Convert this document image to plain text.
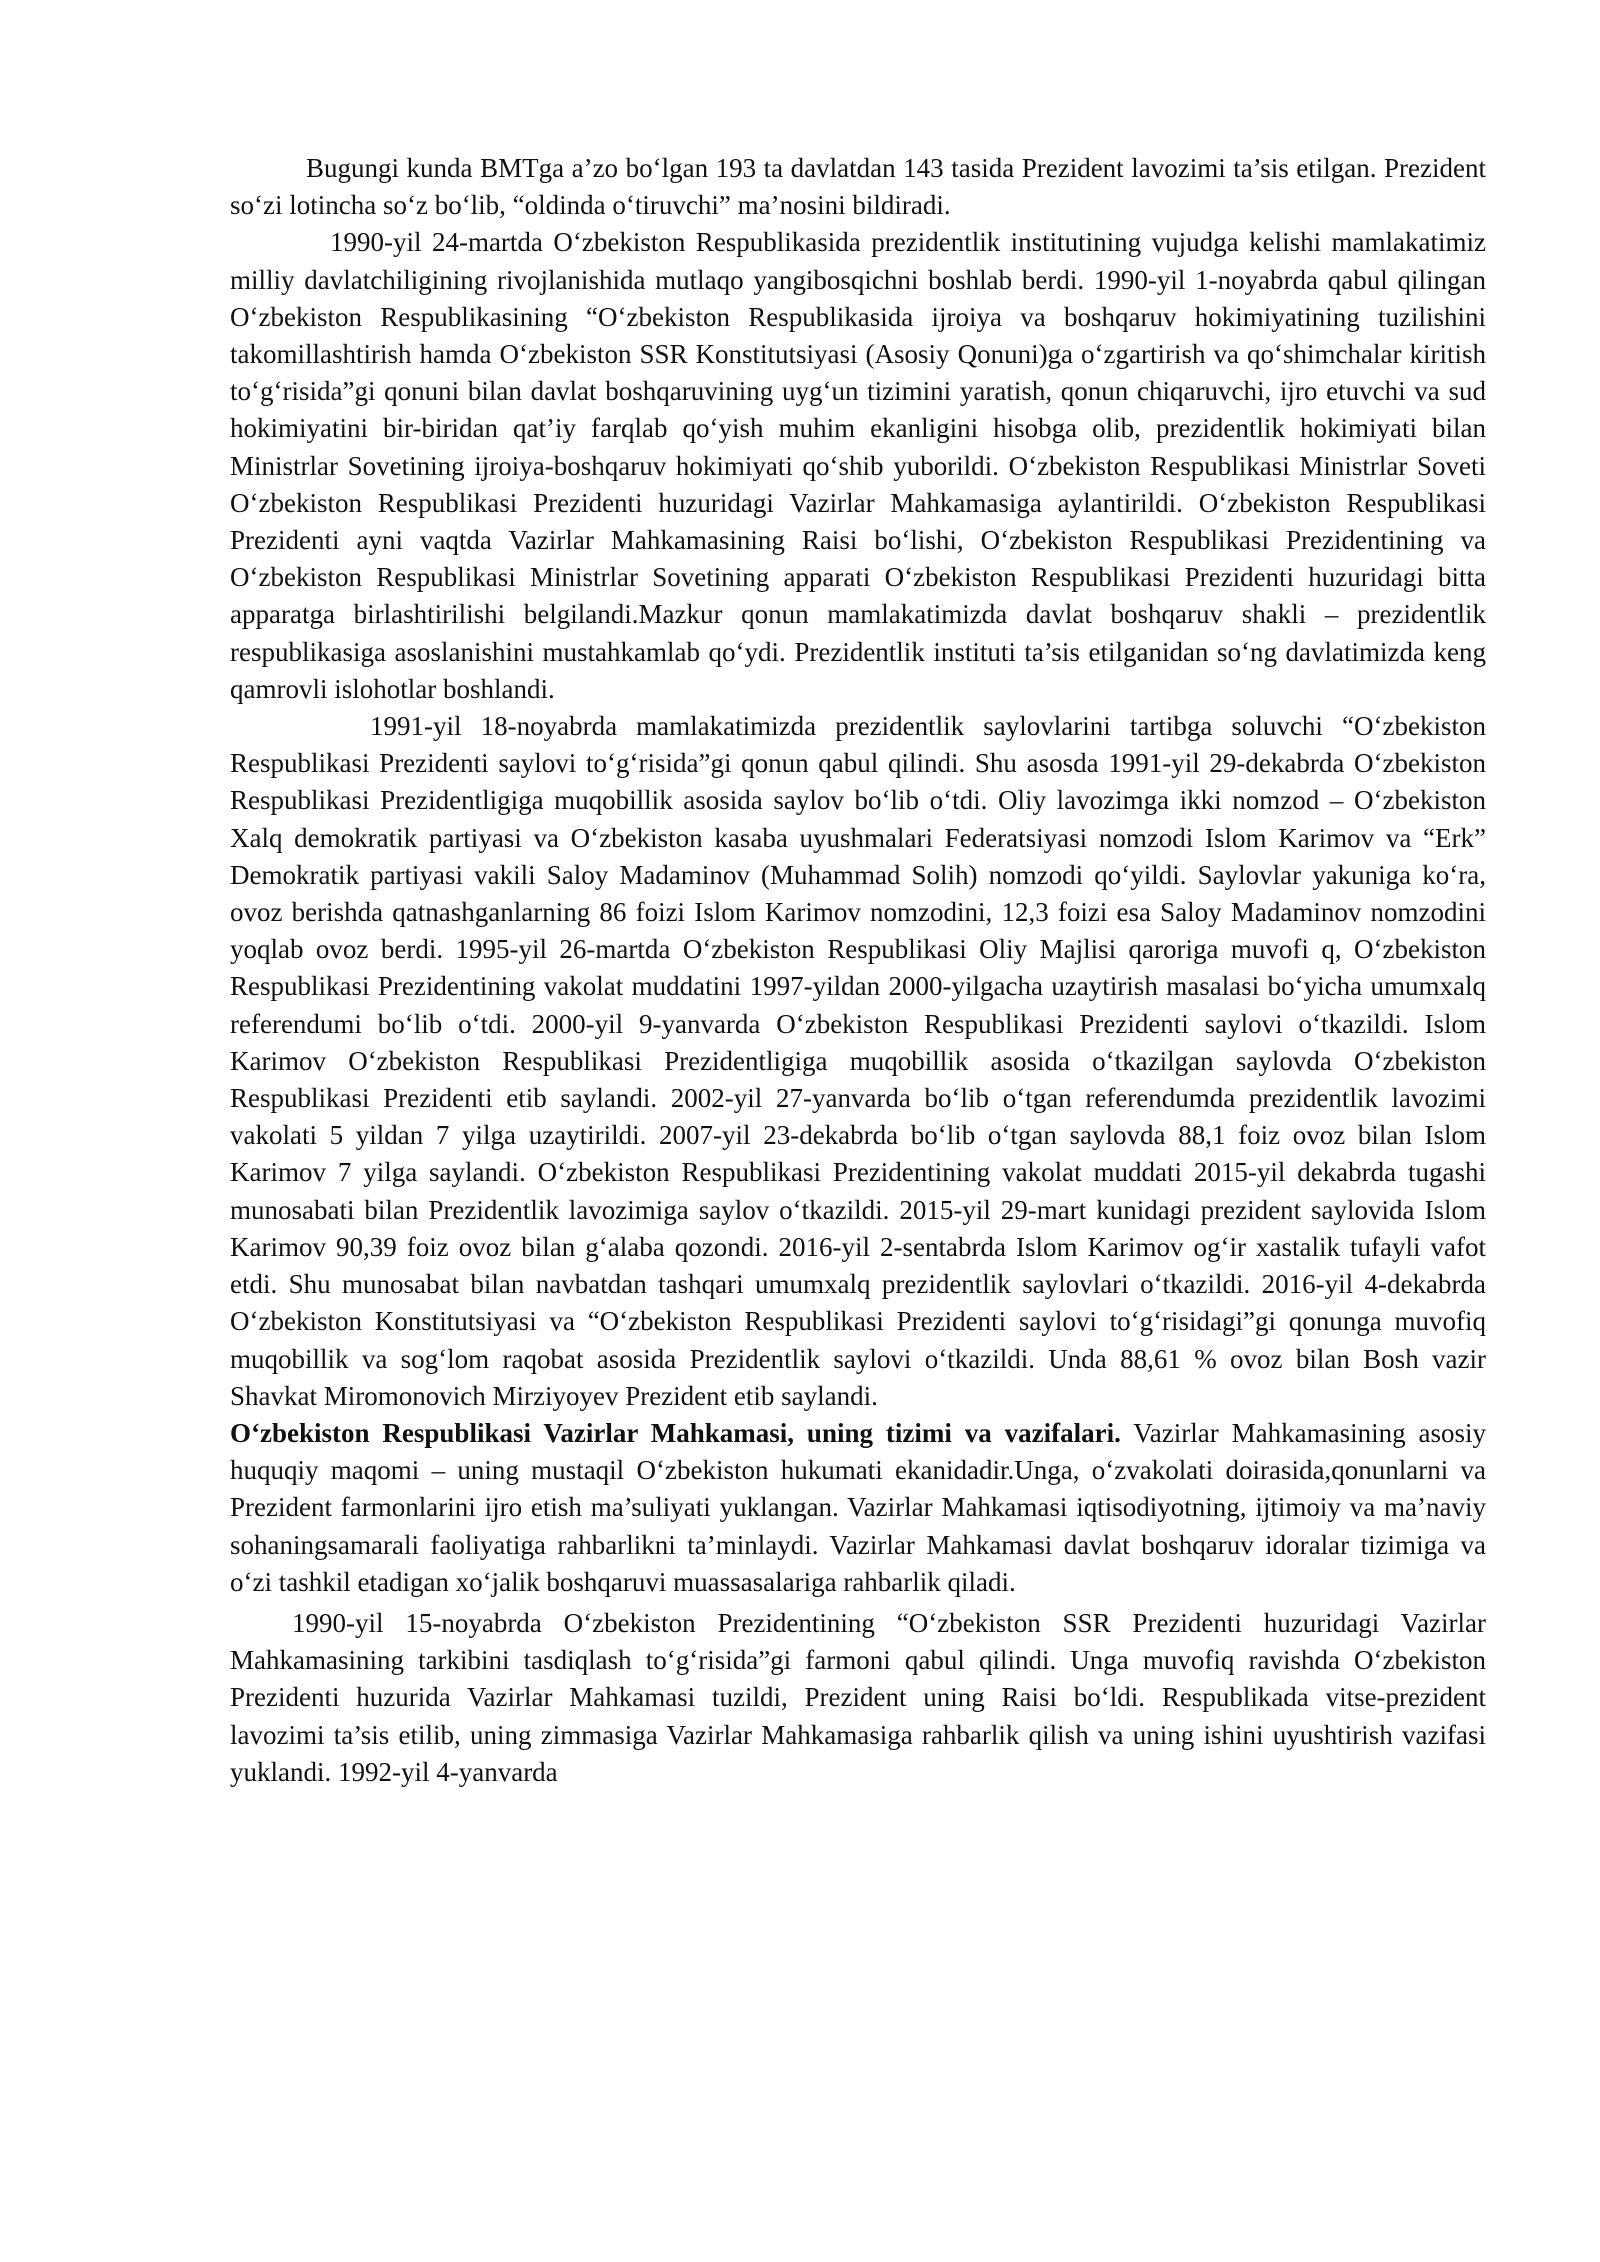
Bugungi kunda BMTga a’zo bo‘lgan 193 ta davlatdan 143 tasida Prezident lavozimi ta’sis etilgan. Prezident so‘zi lotincha so‘z bo‘lib, “oldinda o‘tiruvchi” ma’nosini bildiradi.

1990-yil 24-martda O‘zbekiston Respublikasida prezidentlik institutining vujudga kelishi mamlakatimiz milliy davlatchiligining rivojlanishida mutlaqo yangibosqichni boshlab berdi. 1990-yil 1-noyabrda qabul qilingan O‘zbekiston Respublikasining “O‘zbekiston Respublikasida ijroiya va boshqaruv hokimiyatining tuzilishini takomillashtirish hamda O‘zbekiston SSR Konstitutsiyasi (Asosiy Qonuni)ga o‘zgartirish va qo‘shimchalar kiritish to‘g‘risida”gi qonuni bilan davlat boshqaruvining uyg‘un tizimini yaratish, qonun chiqaruvchi, ijro etuvchi va sud hokimiyatini bir-biridan qat’iy farqlab qo‘yish muhim ekanligini hisobga olib, prezidentlik hokimiyati bilan Ministrlar Sovetining ijroiya-boshqaruv hokimiyati qo‘shib yuborildi. O‘zbekiston Respublikasi Ministrlar Soveti O‘zbekiston Respublikasi Prezidenti huzuridagi Vazirlar Mahkamasiga aylantirildi. O‘zbekiston Respublikasi Prezidenti ayni vaqtda Vazirlar Mahkamasining Raisi bo‘lishi, O‘zbekiston Respublikasi Prezidentining va O‘zbekiston Respublikasi Ministrlar Sovetining apparati O‘zbekiston Respublikasi Prezidenti huzuridagi bitta apparatga birlashtirilishi belgilandi.Mazkur qonun mamlakatimizda davlat boshqaruv shakli – prezidentlik respublikasiga asoslanishini mustahkamlab qo‘ydi. Prezidentlik instituti ta’sis etilganidan so‘ng davlatimizda keng qamrovli islohotlar boshlandi.

1991-yil 18-noyabrda mamlakatimizda prezidentlik saylovlarini tartibga soluvchi “O‘zbekiston Respublikasi Prezidenti saylovi to‘g‘risida”gi qonun qabul qilindi. Shu asosda 1991-yil 29-dekabrda O‘zbekiston Respublikasi Prezidentligiga muqobillik asosida saylov bo‘lib o‘tdi. Oliy lavozimga ikki nomzod – O‘zbekiston Xalq demokratik partiyasi va O‘zbekiston kasaba uyushmalari Federatsiyasi nomzodi Islom Karimov va “Erk” Demokratik partiyasi vakili Saloy Madaminov (Muhammad Solih) nomzodi qo‘yildi. Saylovlar yakuniga ko‘ra, ovoz berishda qatnashganlarning 86 foizi Islom Karimov nomzodini, 12,3 foizi esa Saloy Madaminov nomzodini yoqlab ovoz berdi. 1995-yil 26-martda O‘zbekiston Respublikasi Oliy Majlisi qaroriga muvofi q, O‘zbekiston Respublikasi Prezidentining vakolat muddatini 1997-yildan 2000-yilgacha uzaytirish masalasi bo‘yicha umumxalq referendumi bo‘lib o‘tdi. 2000-yil 9-yanvarda O‘zbekiston Respublikasi Prezidenti saylovi o‘tkazildi. Islom Karimov O‘zbekiston Respublikasi Prezidentligiga muqobillik asosida o‘tkazilgan saylovda O‘zbekiston Respublikasi Prezidenti etib saylandi. 2002-yil 27-yanvarda bo‘lib o‘tgan referendumda prezidentlik lavozimi vakolati 5 yildan 7 yilga uzaytirildi. 2007-yil 23-dekabrda bo‘lib o‘tgan saylovda 88,1 foiz ovoz bilan Islom Karimov 7 yilga saylandi. O‘zbekiston Respublikasi Prezidentining vakolat muddati 2015-yil dekabrda tugashi munosabati bilan Prezidentlik lavozimiga saylov o‘tkazildi. 2015-yil 29-mart kunidagi prezident saylovida Islom Karimov 90,39 foiz ovoz bilan g‘alaba qozondi. 2016-yil 2-sentabrda Islom Karimov og‘ir xastalik tufayli vafot etdi. Shu munosabat bilan navbatdan tashqari umumxalq prezidentlik saylovlari o‘tkazildi. 2016-yil 4-dekabrda O‘zbekiston Konstitutsiyasi va “O‘zbekiston Respublikasi Prezidenti saylovi to‘g‘risidagi”gi qonunga muvofiq muqobillik va sog‘lom raqobat asosida Prezidentlik saylovi o‘tkazildi. Unda 88,61 % ovoz bilan Bosh vazir Shavkat Miromonovich Mirziyoyev Prezident etib saylandi.

O‘zbekiston Respublikasi Vazirlar Mahkamasi, uning tizimi va vazifalari. Vazirlar Mahkamasining asosiy huquqiy maqomi – uning mustaqil O‘zbekiston hukumati ekanidadir.Unga, o‘zvakolati doirasida,qonunlarni va Prezident farmonlarini ijro etish ma’suliyati yuklangan. Vazirlar Mahkamasi iqtisodiyotning, ijtimoiy va ma’naviy sohaningsamarali faoliyatiga rahbarlikni ta’minlaydi. Vazirlar Mahkamasi davlat boshqaruv idoralar tizimiga va o‘zi tashkil etadigan xo‘jalik boshqaruvi muassasalariga rahbarlik qiladi.

1990-yil 15-noyabrda O‘zbekiston Prezidentining “O‘zbekiston SSR Prezidenti huzuridagi Vazirlar Mahkamasining tarkibini tasdiqlash to‘g‘risida”gi farmoni qabul qilindi. Unga muvofiq ravishda O‘zbekiston Prezidenti huzurida Vazirlar Mahkamasi tuzildi, Prezident uning Raisi bo‘ldi. Respublikada vitse-prezident lavozimi ta’sis etilib, uning zimmasiga Vazirlar Mahkamasiga rahbarlik qilish va uning ishini uyushtirish vazifasi yuklandi. 1992-yil 4-yanvarda
